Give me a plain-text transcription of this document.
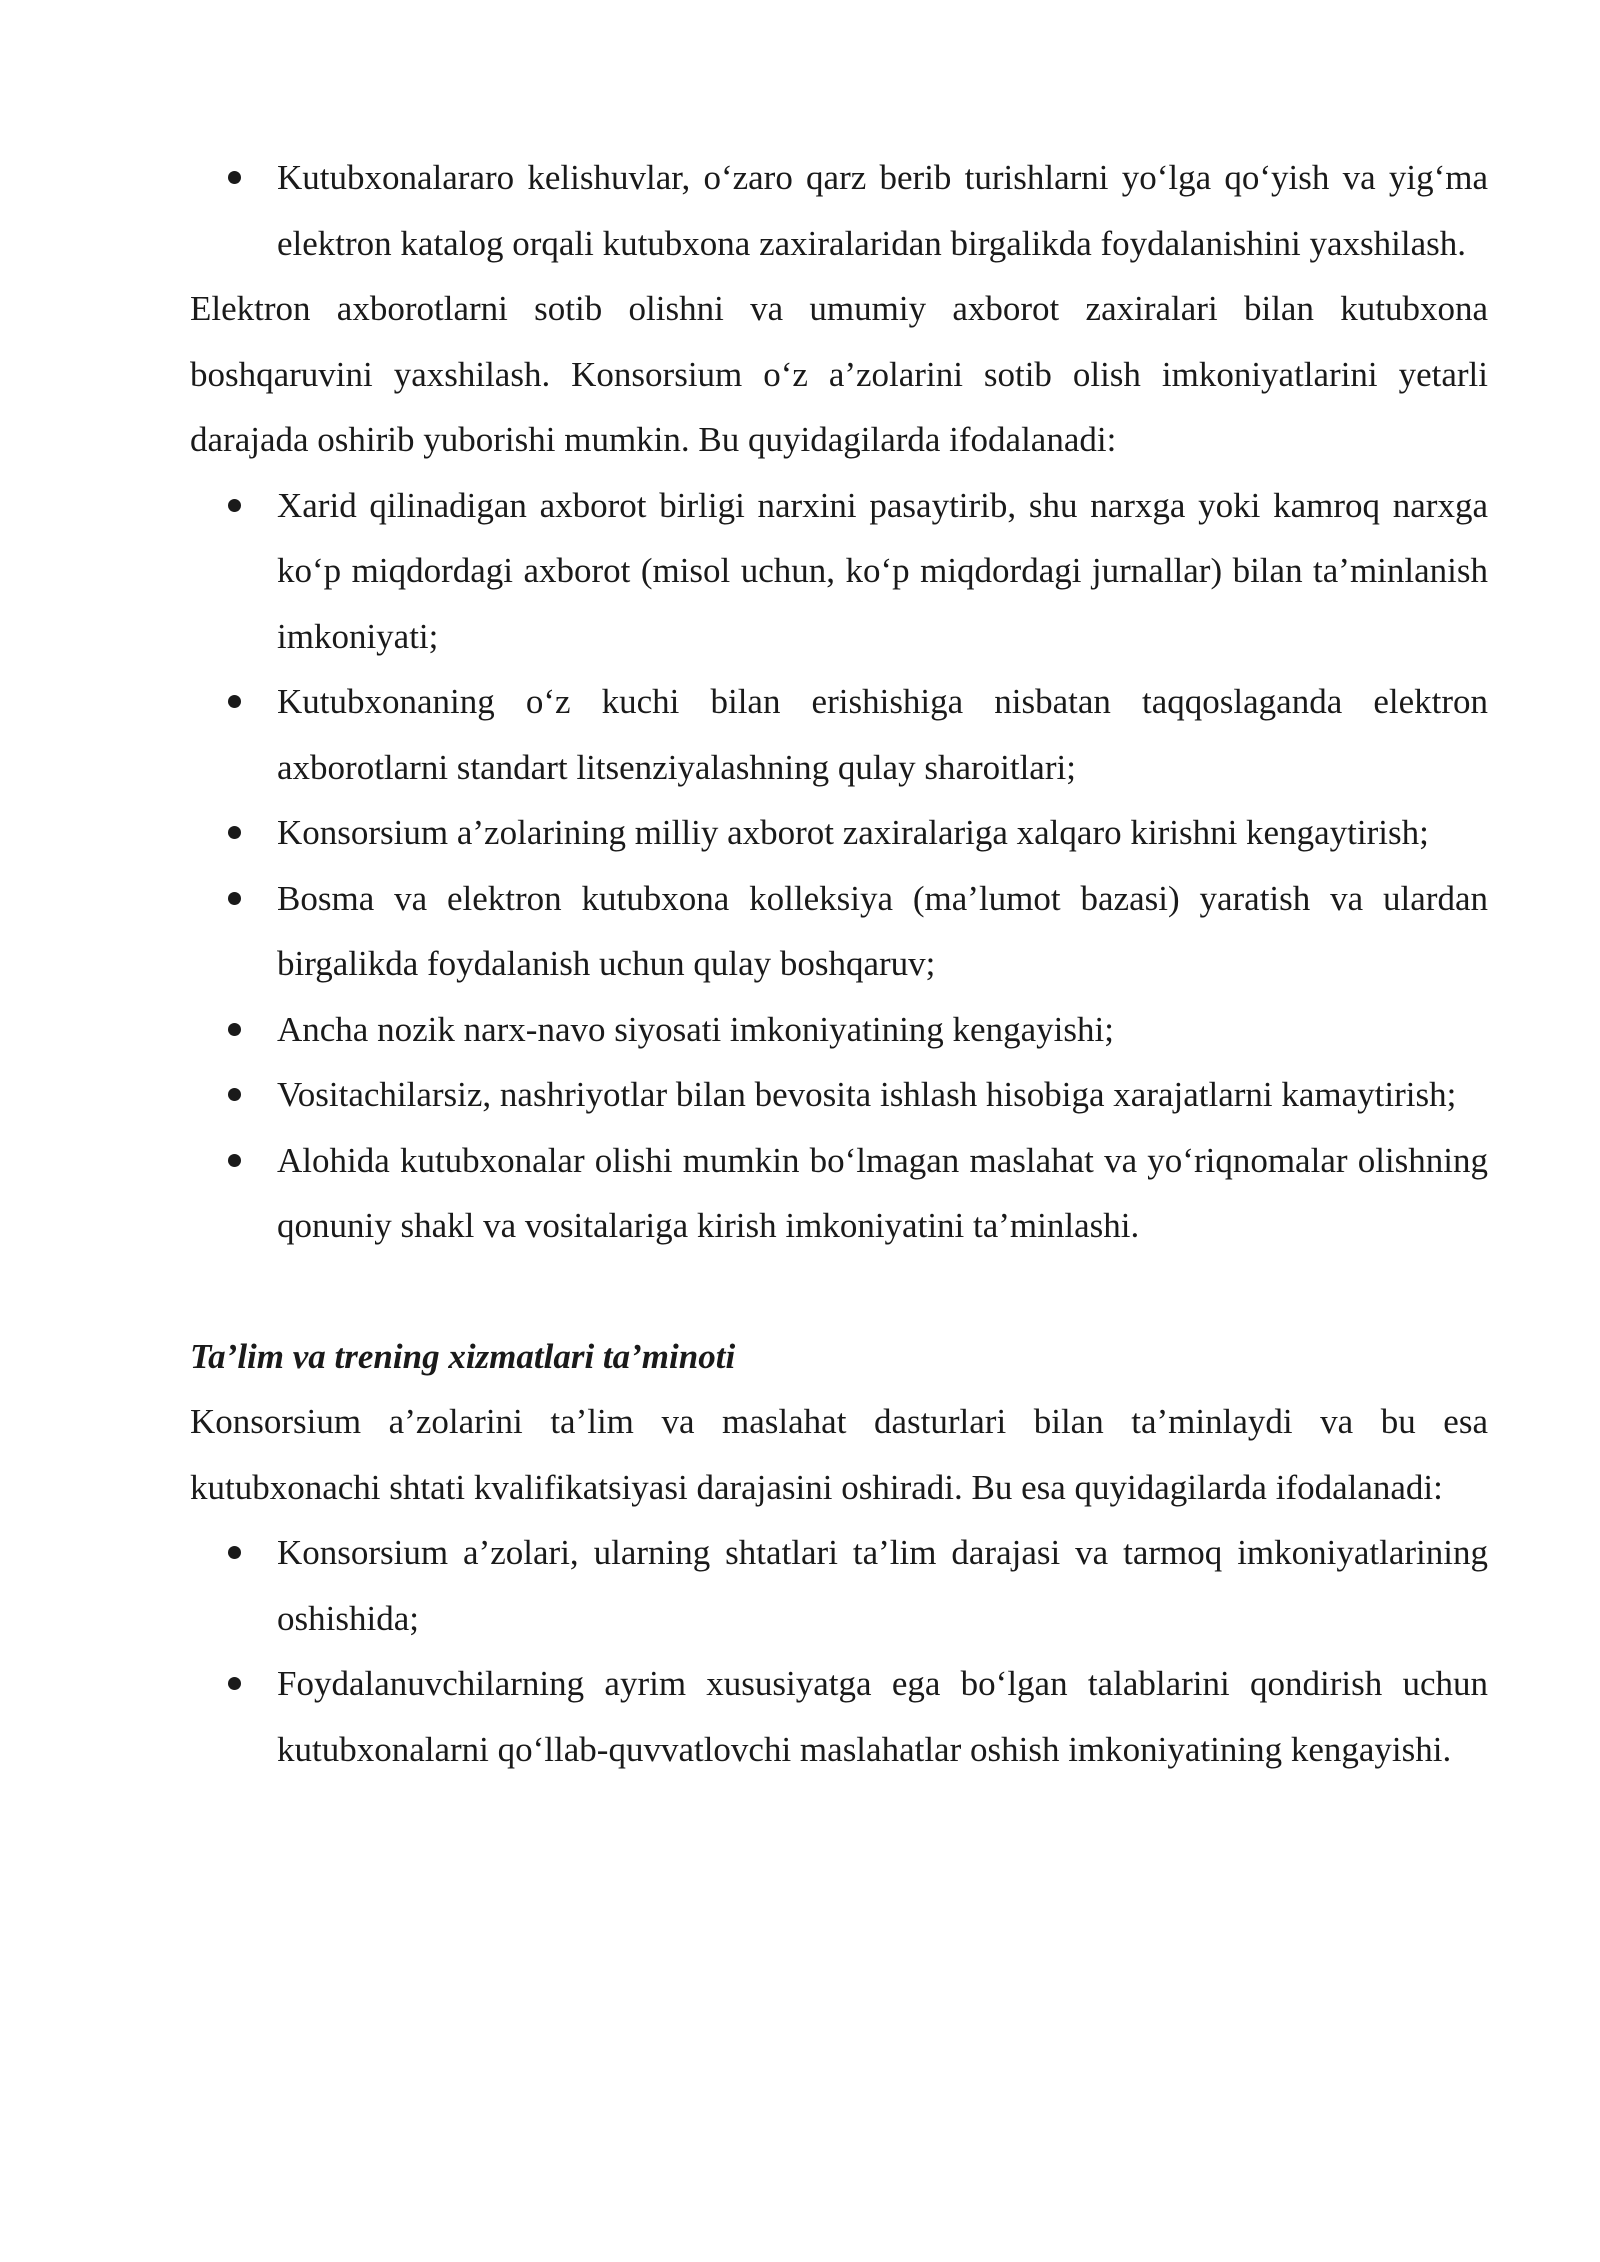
Kutubxonalararo kelishuvlar, o‘zaro qarz berib turishlarni yo‘lga qo‘yish va yig‘ma elektron katalog orqali kutubxona zaxiralaridan birgalikda foydalanishini yaxshilash.

Elektron axborotlarni sotib olishni va umumiy axborot zaxiralari bilan kutubxona boshqaruvini yaxshilash. Konsorsium o‘z a’zolarini sotib olish imkoniyatlarini yetarli darajada oshirib yuborishi mumkin. Bu quyidagilarda ifodalanadi:

Xarid qilinadigan axborot birligi narxini pasaytirib, shu narxga yoki kamroq narxga ko‘p miqdordagi axborot (misol uchun, ko‘p miqdordagi jurnallar) bilan ta’minlanish imkoniyati;
Kutubxonaning o‘z kuchi bilan erishishiga nisbatan taqqoslaganda elektron axborotlarni standart litsenziyalashning qulay sharoitlari;
Konsorsium a’zolarining milliy axborot zaxiralariga xalqaro kirishni kengaytirish;
Bosma va elektron kutubxona kolleksiya (ma’lumot bazasi) yaratish va ulardan birgalikda foydalanish uchun qulay boshqaruv;
Ancha nozik narx-navo siyosati imkoniyatining kengayishi;
Vositachilarsiz, nashriyotlar bilan bevosita ishlash hisobiga xarajatlarni kamaytirish;
Alohida kutubxonalar olishi mumkin bo‘lmagan maslahat va yo‘riqnomalar olishning qonuniy shakl va vositalariga kirish imkoniyatini ta’minlashi.

Ta’lim va trening xizmatlari ta’minoti

Konsorsium a’zolarini ta’lim va maslahat dasturlari bilan ta’minlaydi va bu esa kutubxonachi shtati kvalifikatsiyasi darajasini oshiradi. Bu esa quyidagilarda ifodalanadi:

Konsorsium a’zolari, ularning shtatlari ta’lim darajasi va tarmoq imkoniyatlarining oshishida;
Foydalanuvchilarning ayrim xususiyatga ega bo‘lgan talablarini qondirish uchun kutubxonalarni qo‘llab-quvvatlovchi maslahatlar oshish imkoniyatining kengayishi.
